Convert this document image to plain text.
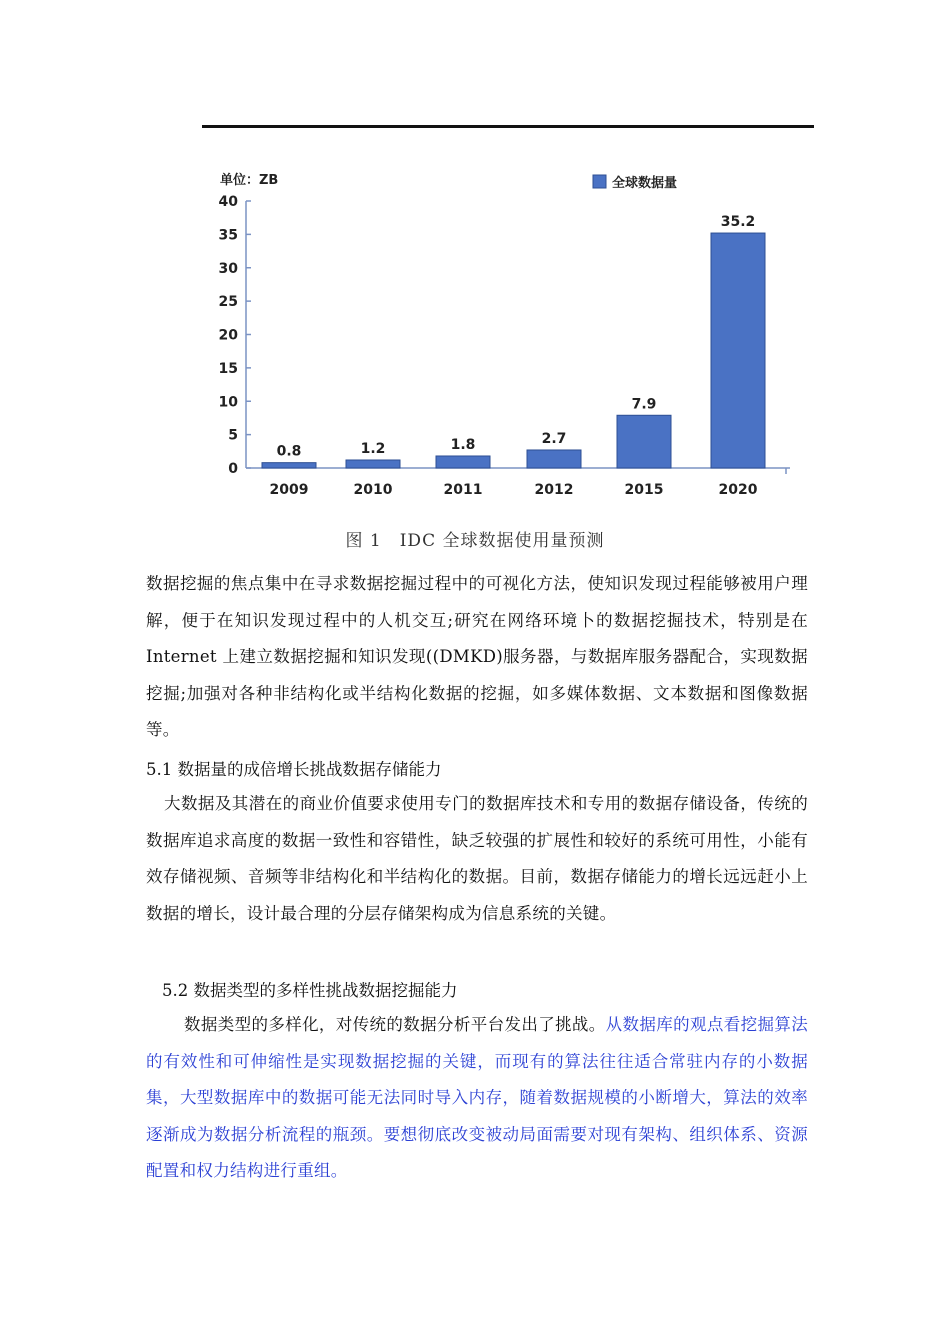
单位：ZB
0
5
10
15
20
25
30
35
40
0.8
2009
1.2
2010
1.8
2011
2.7
2012
7.9
2015
35.2
2020
全球数据量
图 1　IDC 全球数据使用量预测
数据挖掘的焦点集中在寻求数据挖掘过程中的可视化方法，使知识发现过程能够被用户理解，便于在知识发现过程中的人机交互;研究在网络环境卜的数据挖掘技术，特别是在 Internet 上建立数据挖掘和知识发现((DMKD)服务器，与数据库服务器配合，实现数据挖掘;加强对各种非结构化或半结构化数据的挖掘，如多媒体数据、文本数据和图像数据等。
5.1 数据量的成倍增长挑战数据存储能力
大数据及其潜在的商业价值要求使用专门的数据库技术和专用的数据存储设备，传统的数据库追求高度的数据一致性和容错性，缺乏较强的扩展性和较好的系统可用性，小能有效存储视频、音频等非结构化和半结构化的数据。目前，数据存储能力的增长远远赶小上数据的增长，设计最合理的分层存储架构成为信息系统的关键。
5.2 数据类型的多样性挑战数据挖掘能力
数据类型的多样化，对传统的数据分析平台发出了挑战。从数据库的观点看挖掘算法的有效性和可伸缩性是实现数据挖掘的关键，而现有的算法往往适合常驻内存的小数据集，大型数据库中的数据可能无法同时导入内存，随着数据规模的小断增大，算法的效率逐渐成为数据分析流程的瓶颈。要想彻底改变被动局面需要对现有架构、组织体系、资源配置和权力结构进行重组。
